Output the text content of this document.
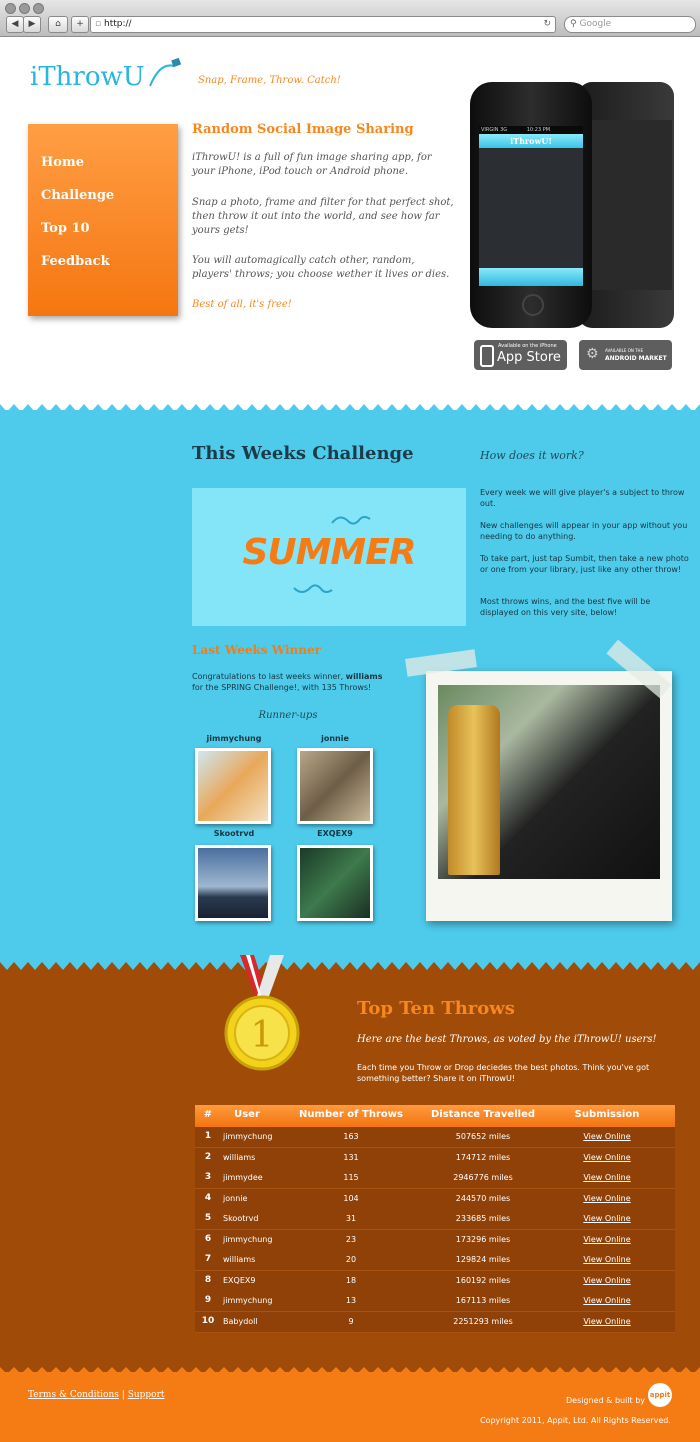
◀	▶	⌂	+	▫ http://	↻	⚲ Google
iThrowU	Snap, Frame, Throw. Catch!
Home
Challenge
Top 10
Feedback
Random Social Image Sharing
iThrowU! is a full of fun image sharing app, for your iPhone, iPod touch or Android phone.
Snap a photo, frame and filter for that perfect shot, then throw it out into the world, and see how far yours gets!
You will automagically catch other, random, players' throws; you choose wether it lives or dies.
Best of all, it's free!
VIRGIN 3G	10:23 PM
iThrowU!
Available on the iPhone
App Store ⚙ AVAILABLE ON THE
ANDROID MARKET
This Weeks Challenge	How does it work?
Every week we will give player's a subject to throw out.
New challenges will appear in your app without you needing to do anything.
To take part, just tap Sumbit, then take a new photo or one from your library, just like any other throw!
Most throws wins, and the best five will be displayed on this very site, below!
SUMMER
Last Weeks Winner
Congratulations to last weeks winner, williams for the SPRING Challenge!, with 135 Throws!
Runner-ups
jimmychung	jonnie
Skootrvd	EXQEX9
1
Top Ten Throws
Here are the best Throws, as voted by the iThrowU! users!
Each time you Throw or Drop deciedes the best photos. Think you've got something better? Share it on iThrowU!
#	User	Number of Throws	Distance Travelled	Submission
1	jimmychung	163	507652 miles	View Online
2	williams	131	174712 miles	View Online
3	jimmydee	115	2946776 miles	View Online
4	jonnie	104	244570 miles	View Online
5	Skootrvd	31	233685 miles	View Online
6	jimmychung	23	173296 miles	View Online
7	williams	20	129824 miles	View Online
8	EXQEX9	18	160192 miles	View Online
9	jimmychung	13	167113 miles	View Online
10	Babydoll	9	2251293 miles	View Online
Terms & Conditions | Support
Designed & built by
appit
Copyright 2011, Appit, Ltd. All Rights Reserved.
